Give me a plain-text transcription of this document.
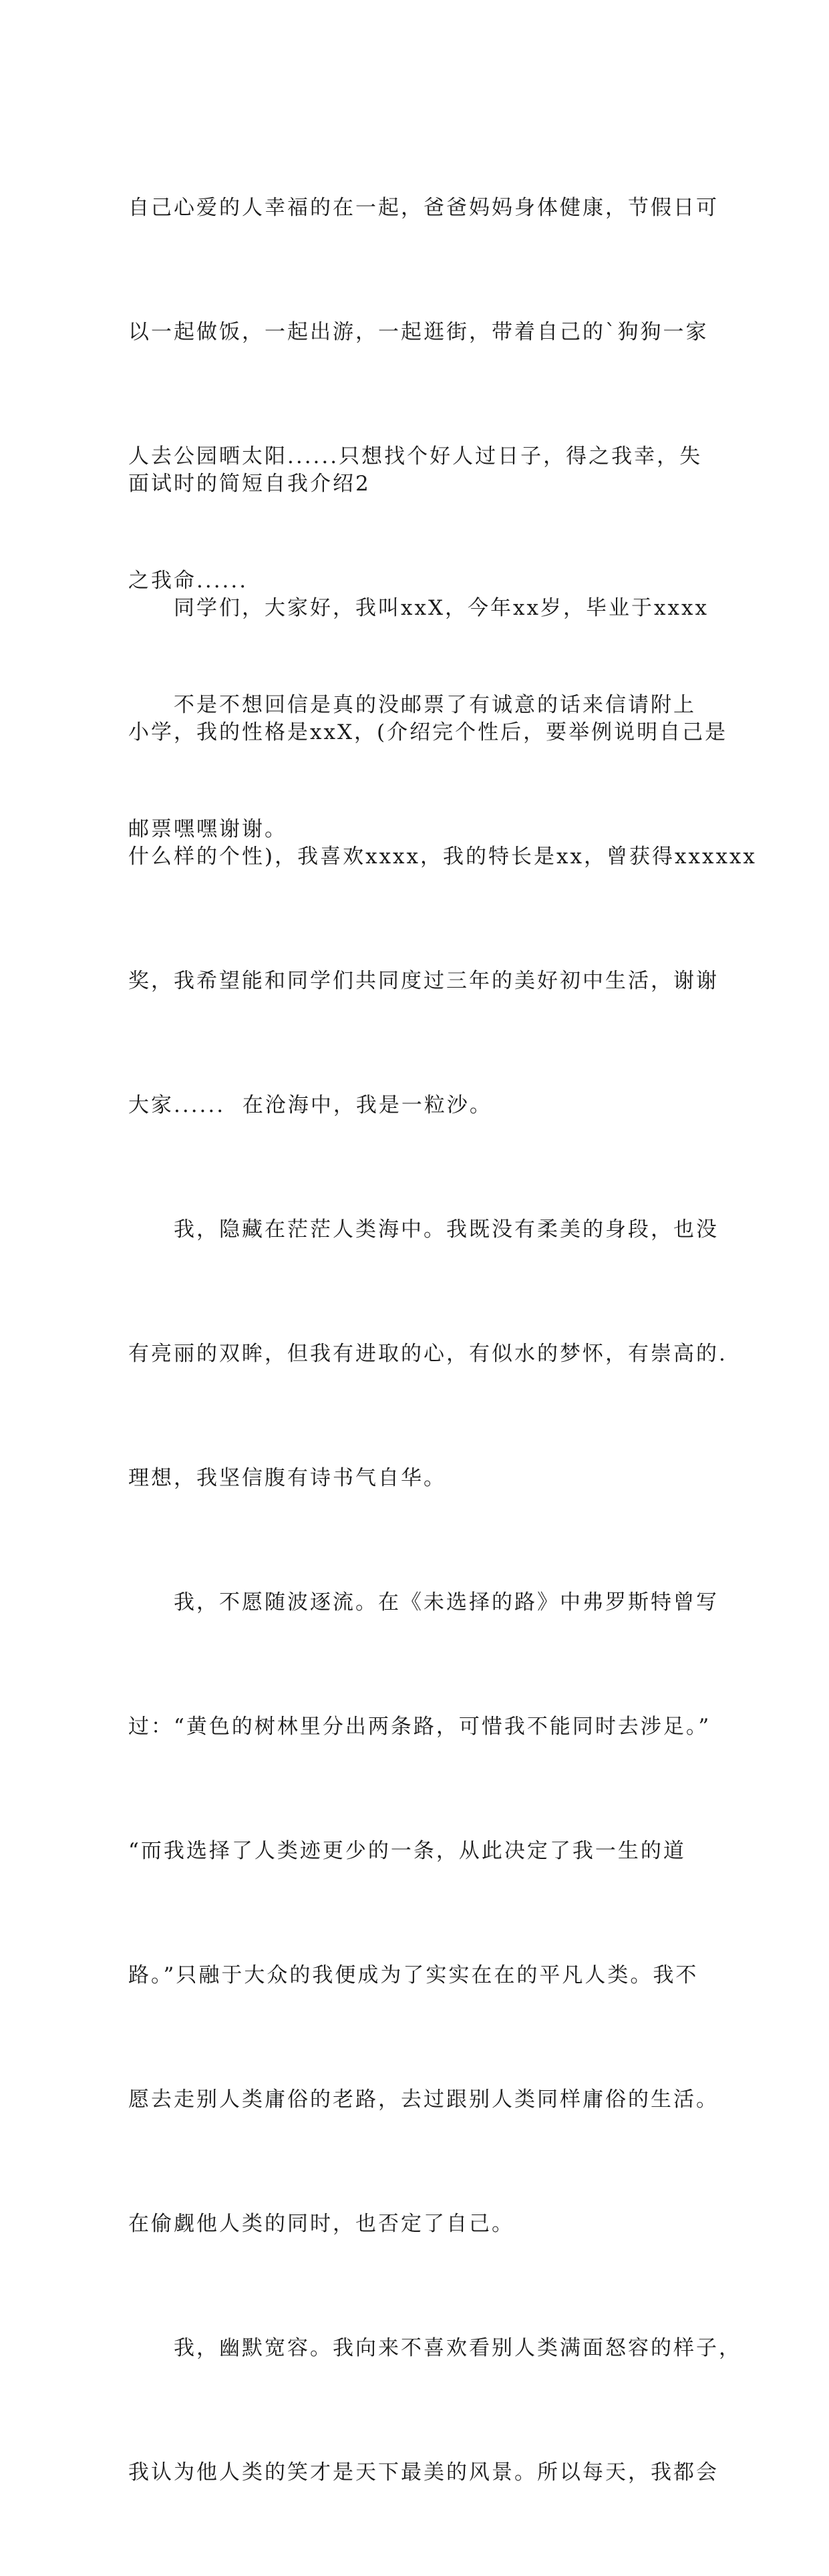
自己心爱的人幸福的在一起，爸爸妈妈身体健康，节假日可

以一起做饭，一起出游，一起逛街，带着自己的`狗狗一家

人去公园晒太阳......只想找个好人过日子，得之我幸，失

之我命......

不是不想回信是真的没邮票了有诚意的话来信请附上

邮票嘿嘿谢谢。

面试时的简短自我介绍2

同学们，大家好，我叫xxX，今年xx岁，毕业于xxxx

小学，我的性格是xxX，(介绍完个性后，要举例说明自己是

什么样的个性)，我喜欢xxxx，我的特长是xx，曾获得xxxxxx

奖，我希望能和同学们共同度过三年的美好初中生活，谢谢

大家......  在沧海中，我是一粒沙。

我，隐藏在茫茫人类海中。我既没有柔美的身段，也没

有亮丽的双眸，但我有进取的心，有似水的梦怀，有崇高的.

理想，我坚信腹有诗书气自华。

我，不愿随波逐流。在《未选择的路》中弗罗斯特曾写

过：“黄色的树林里分出两条路，可惜我不能同时去涉足。”

“而我选择了人类迹更少的一条，从此决定了我一生的道

路。”只融于大众的我便成为了实实在在的平凡人类。我不

愿去走别人类庸俗的老路，去过跟别人类同样庸俗的生活。

在偷觑他人类的同时，也否定了自己。

我，幽默宽容。我向来不喜欢看别人类满面怒容的样子，

我认为他人类的笑才是天下最美的风景。所以每天，我都会
